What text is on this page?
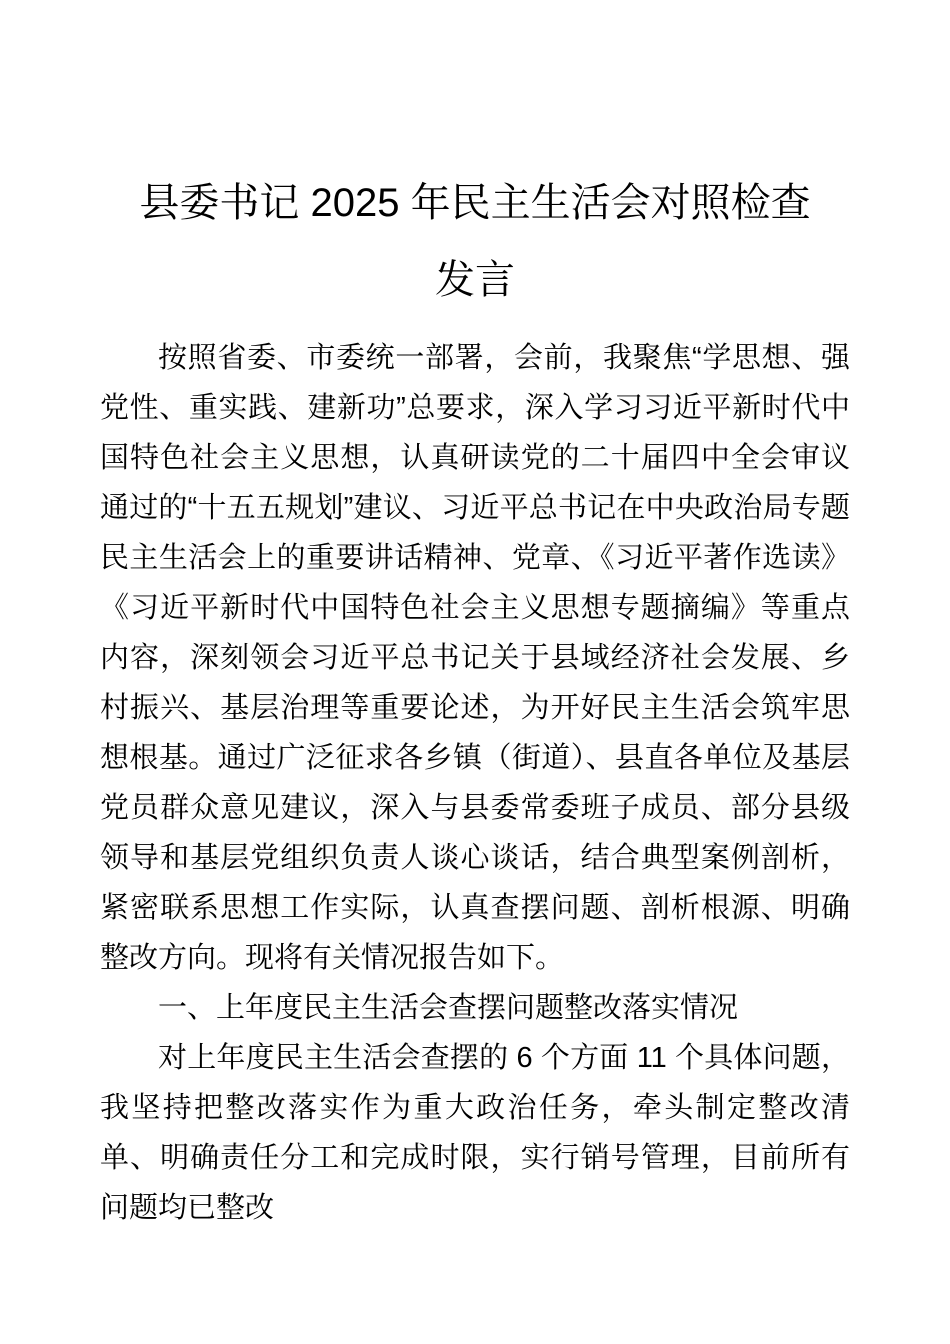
县委书记 2025 年民主生活会对照检查
发言

按照省委、市委统一部署，会前，我聚焦“学思想、强党性、重实践、建新功”总要求，深入学习习近平新时代中国特色社会主义思想，认真研读党的二十届四中全会审议通过的“十五五规划”建议、习近平总书记在中央政治局专题民主生活会上的重要讲话精神、党章、《习近平著作选读》《习近平新时代中国特色社会主义思想专题摘编》等重点内容，深刻领会习近平总书记关于县域经济社会发展、乡村振兴、基层治理等重要论述，为开好民主生活会筑牢思想根基。通过广泛征求各乡镇（街道）、县直各单位及基层党员群众意见建议，深入与县委常委班子成员、部分县级领导和基层党组织负责人谈心谈话，结合典型案例剖析，紧密联系思想工作实际，认真查摆问题、剖析根源、明确整改方向。现将有关情况报告如下。

一、上年度民主生活会查摆问题整改落实情况

对上年度民主生活会查摆的 6 个方面 11 个具体问题，我坚持把整改落实作为重大政治任务，牵头制定整改清单、明确责任分工和完成时限，实行销号管理，目前所有问题均已整改
